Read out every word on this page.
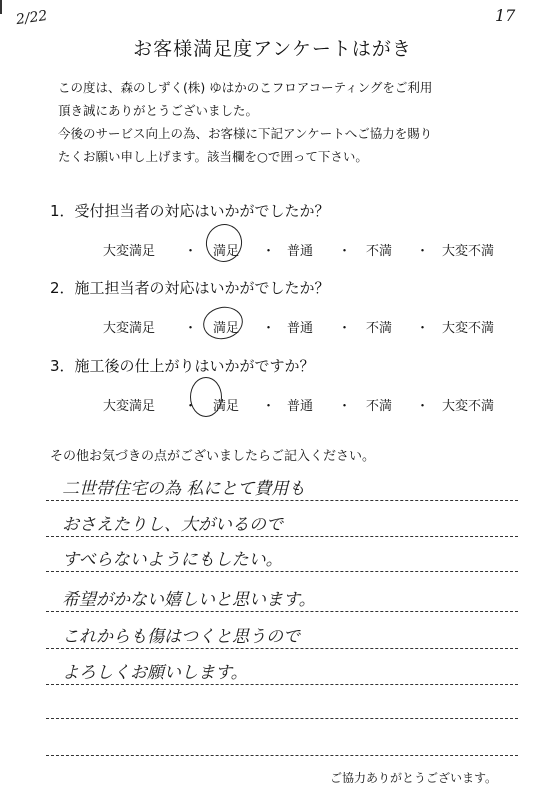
2/22	17
お客様満足度アンケートはがき
この度は、森のしずく(株) ゆはかのこフロアコーティングをご利用
頂き誠にありがとうございました。
今後のサービス向上の為、お客様に下記アンケートへご協力を賜り
たくお願い申し上げます。該当欄を○で囲って下さい。
1．受付担当者の対応はいかがでしたか？
大変満足 ・ 満足 ・ 普通 ・ 不満 ・ 大変不満
2．施工担当者の対応はいかがでしたか？
大変満足 ・ 満足 ・ 普通 ・ 不満 ・ 大変不満
3．施工後の仕上がりはいかがですか？
大変満足 ・ 満足 ・ 普通 ・ 不満 ・ 大変不満
その他お気づきの点がございましたらご記入ください。
二世帯住宅の為 私にとて費用も
おさえたりし、大がいるので
すべらないようにもしたい。
希望がかない嬉しいと思います。
これからも傷はつくと思うので
よろしくお願いします。
ご協力ありがとうございます。
